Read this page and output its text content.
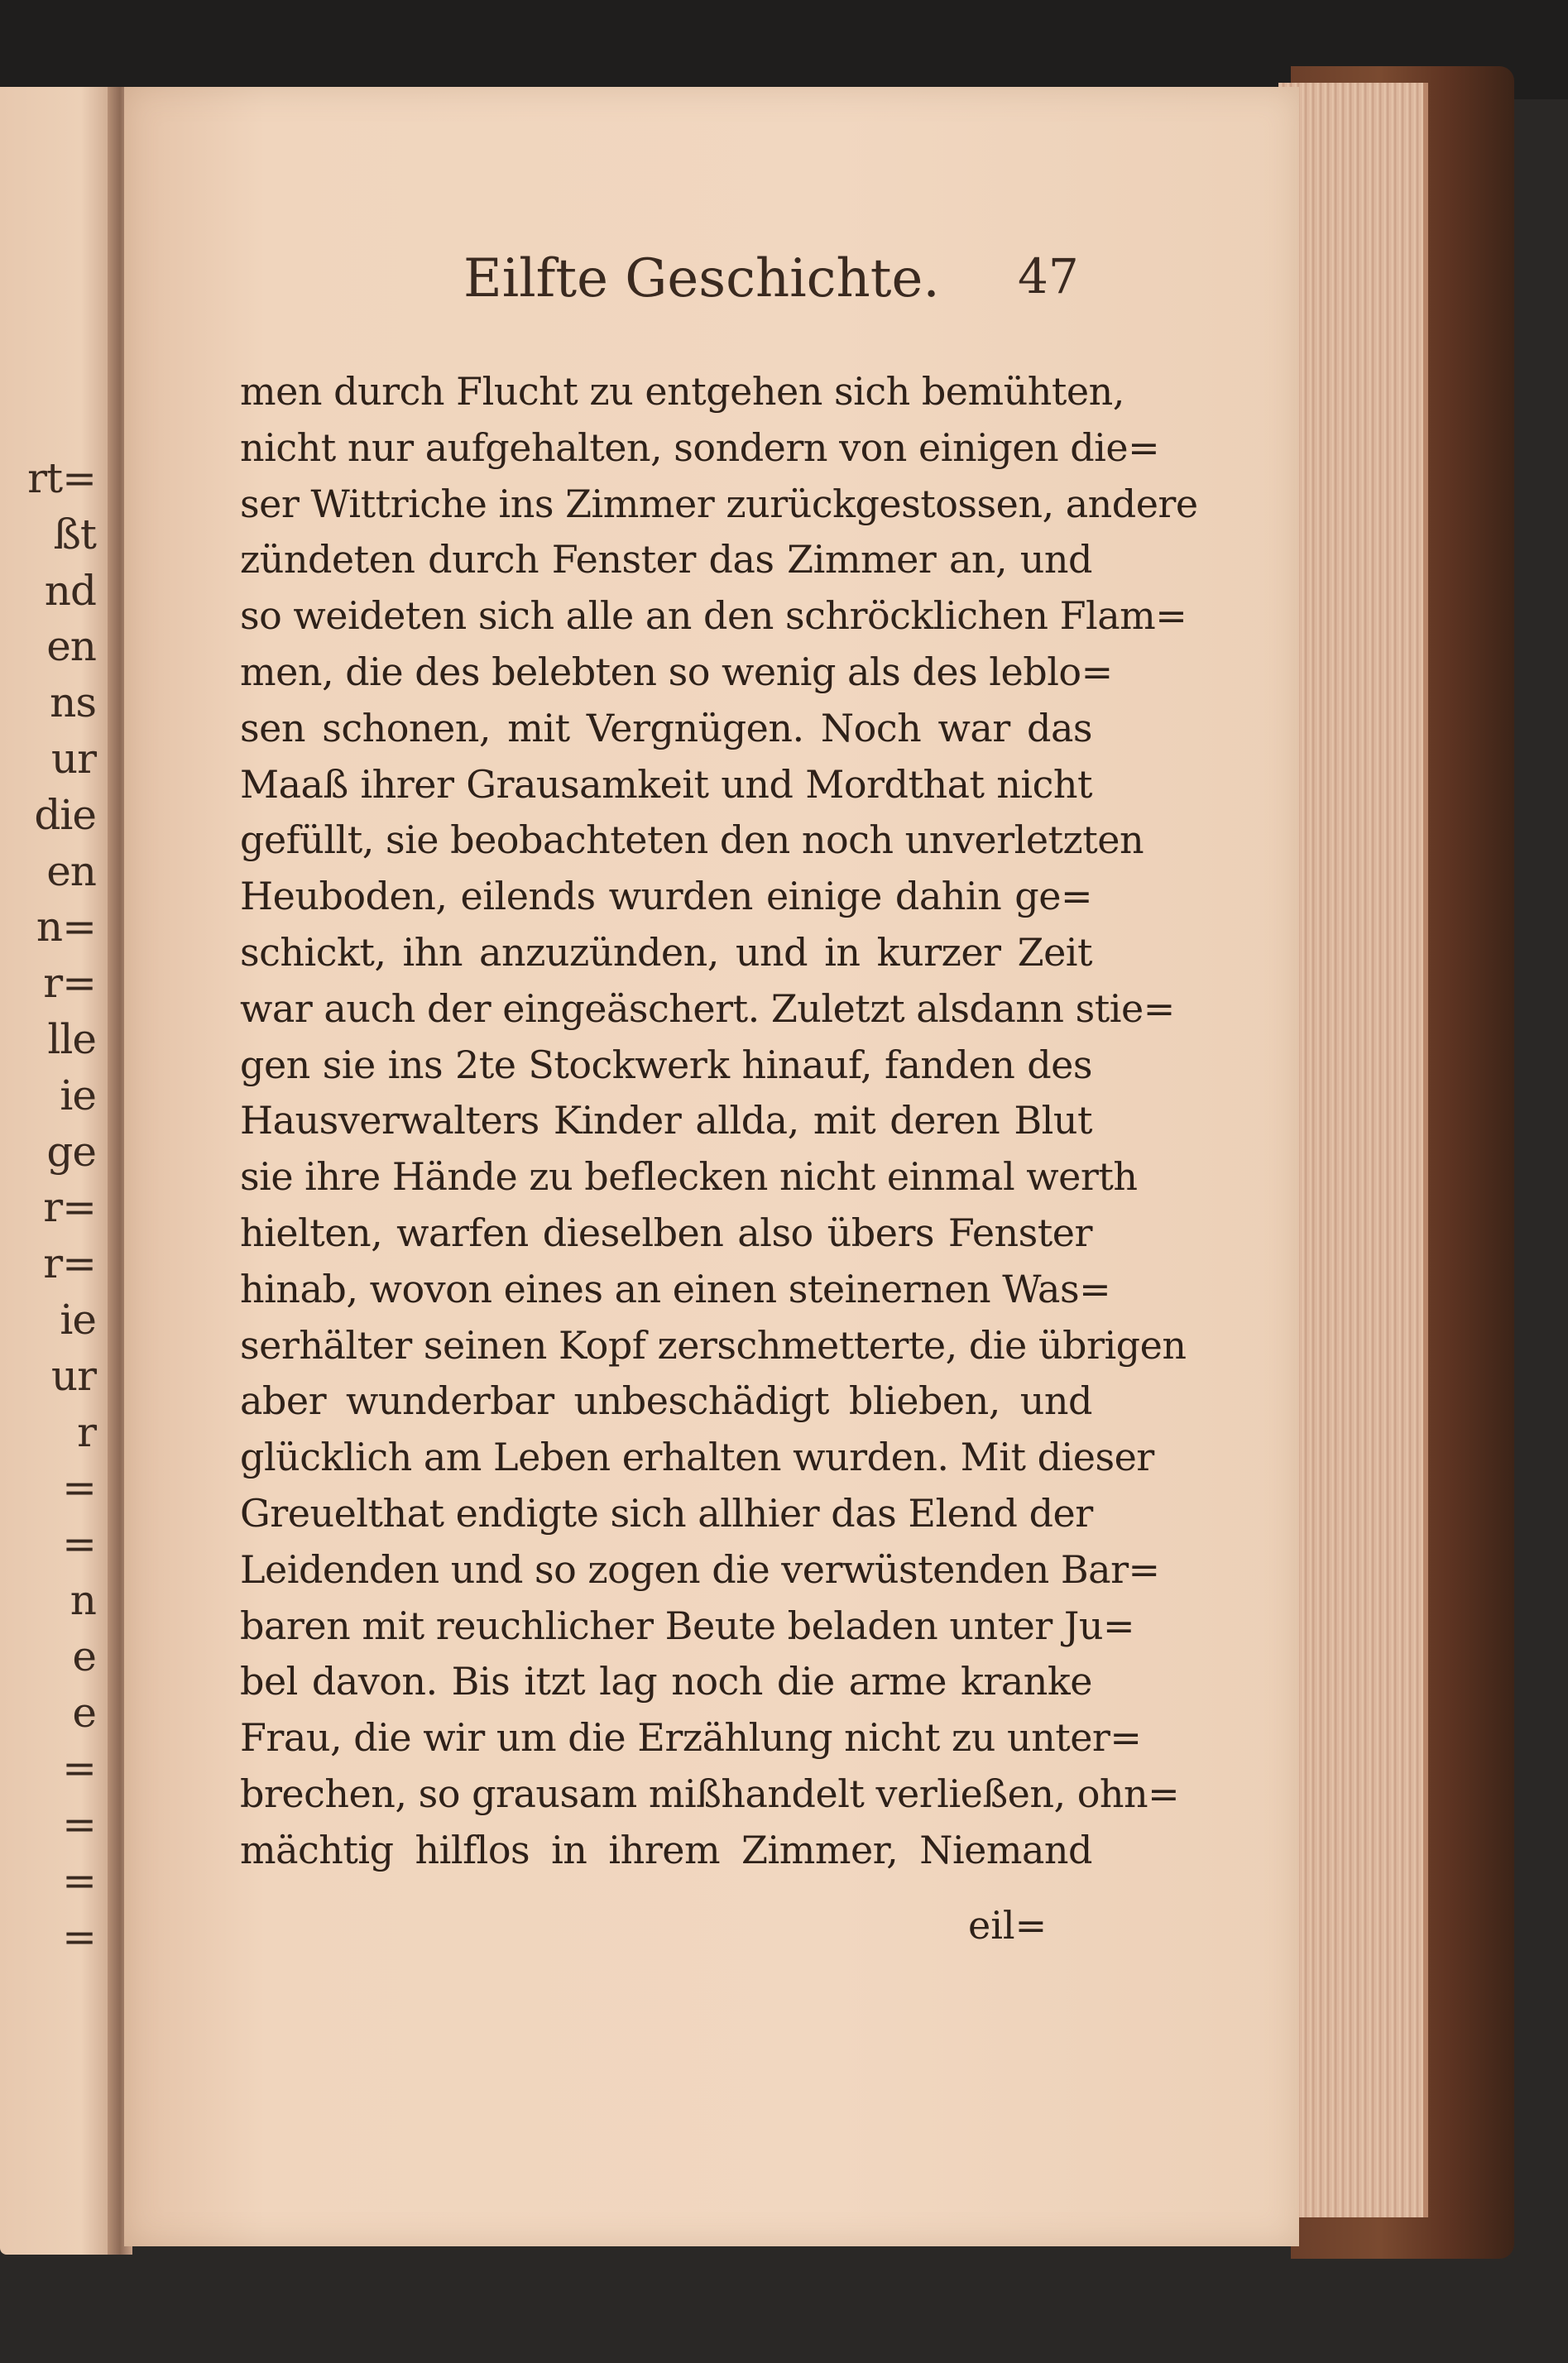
rt=
ßt
nd
en
ns
ur
die
en
n=
r=
lle
ie
ge
r=
r=
ie
ur
r
=
=
n
e
e
=
=
=
=
Eilfte Geschichte. 47
men durch Flucht zu entgehen sich bemühten,
nicht nur aufgehalten, sondern von einigen die=
ser Wittriche ins Zimmer zurückgestossen, andere
zündeten durch Fenster das Zimmer an, und
so weideten sich alle an den schröcklichen Flam=
men, die des belebten so wenig als des leblo=
sen schonen, mit Vergnügen. Noch war das
Maaß ihrer Grausamkeit und Mordthat nicht
gefüllt, sie beobachteten den noch unverletzten
Heuboden, eilends wurden einige dahin ge=
schickt, ihn anzuzünden, und in kurzer Zeit
war auch der eingeäschert. Zuletzt alsdann stie=
gen sie ins 2te Stockwerk hinauf, fanden des
Hausverwalters Kinder allda, mit deren Blut
sie ihre Hände zu beflecken nicht einmal werth
hielten, warfen dieselben also übers Fenster
hinab, wovon eines an einen steinernen Was=
serhälter seinen Kopf zerschmetterte, die übrigen
aber wunderbar unbeschädigt blieben, und
glücklich am Leben erhalten wurden. Mit dieser
Greuelthat endigte sich allhier das Elend der
Leidenden und so zogen die verwüstenden Bar=
baren mit reuchlicher Beute beladen unter Ju=
bel davon. Bis itzt lag noch die arme kranke
Frau, die wir um die Erzählung nicht zu unter=
brechen, so grausam mißhandelt verließen, ohn=
mächtig hilflos in ihrem Zimmer, Niemand
eil=
